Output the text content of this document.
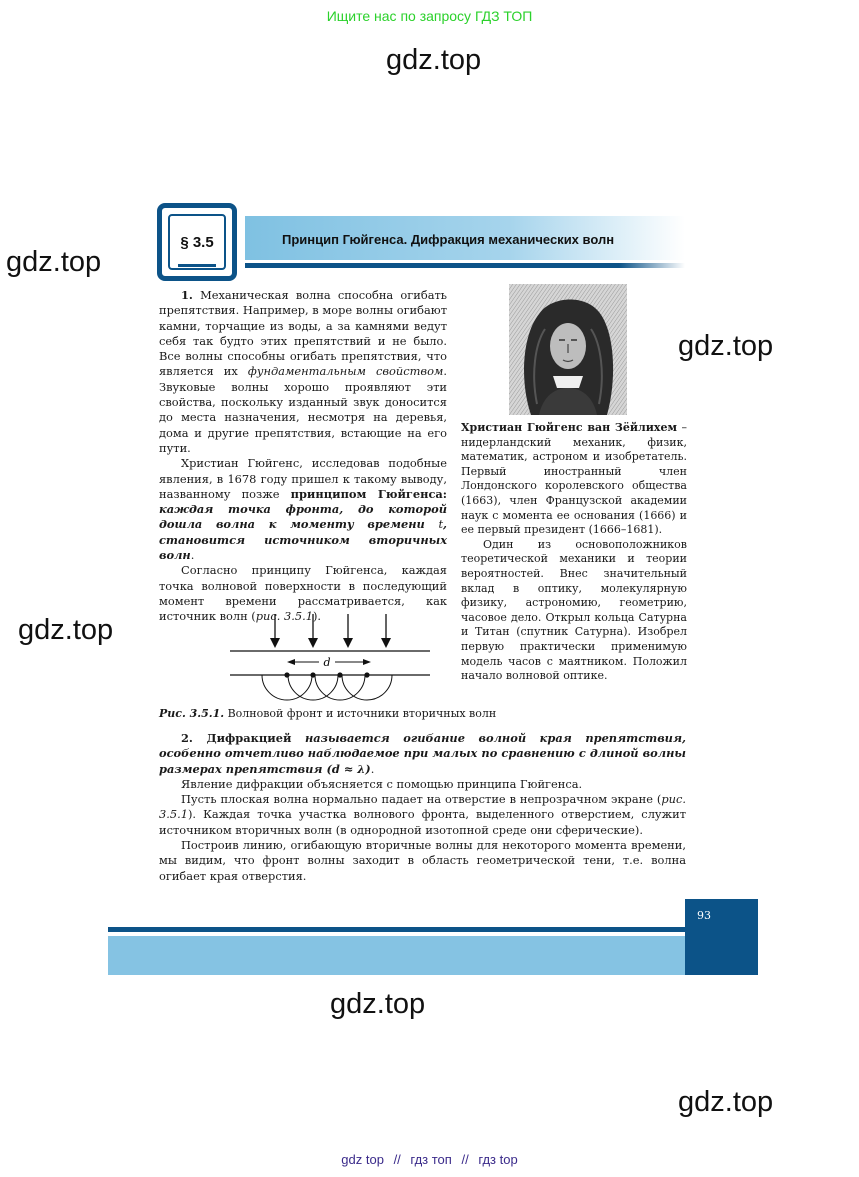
Ищите нас по запросу ГДЗ ТОП
gdz.top
gdz.top
gdz.top
gdz.top
gdz.top
gdz.top
§ 3.5	Принцип Гюйгенса. Дифракция механических волн

1. Механическая волна способна огибать препятствия. Например, в море волны огибают камни, торчащие из воды, а за камнями ведут себя так будто этих препятствий и не было. Все волны способны огибать препятствия, что является их фундаментальным свойством. Звуковые волны хорошо проявляют эти свойства, поскольку изданный звук доносится до места назначения, несмотря на деревья, дома и другие препятствия, встающие на его пути.

Христиан Гюйгенс, исследовав подобные явления, в 1678 году пришел к такому выводу, названному позже принципом Гюйгенса: каждая точка фронта, до которой дошла волна к моменту времени t, становится источником вторичных волн.

Согласно принципу Гюйгенса, каждая точка волновой поверхности в последующий момент времени рассматривается, как источник волн (рис. 3.5.1).

Христиан Гюйгенс ван Зёйлихем – нидерландский механик, физик, математик, астроном и изобретатель. Первый иностранный член Лондонского королевского общества (1663), член Французской академии наук с момента ее основания (1666) и ее первый президент (1666–1681).

Один из основоположников теоретической механики и теории вероятностей. Внес значительный вклад в оптику, молекулярную физику, астрономию, геометрию, часовое дело. Открыл кольца Сатурна и Титан (спутник Сатурна). Изобрел первую практически применимую модель часов с маятником. Положил начало волновой оптике.

d
Рис. 3.5.1. Волновой фронт и источники вторичных волн

2. Дифракцией называется огибание волной края препятствия, особенно отчетливо наблюдаемое при малых по сравнению с длиной волны размерах препятствия (d ≈ λ).

Явление дифракции объясняется с помощью принципа Гюйгенса.

Пусть плоская волна нормально падает на отверстие в непрозрачном экране (рис. 3.5.1). Каждая точка участка волнового фронта, выделенного отверстием, служит источником вторичных волн (в однородной изотопной среде они сферические).

Построив линию, огибающую вторичные волны для некоторого момента времени, мы видим, что фронт волны заходит в область геометрической тени, т.е. волна огибает края отверстия.

93
gdz top // гдз топ // гдз top
